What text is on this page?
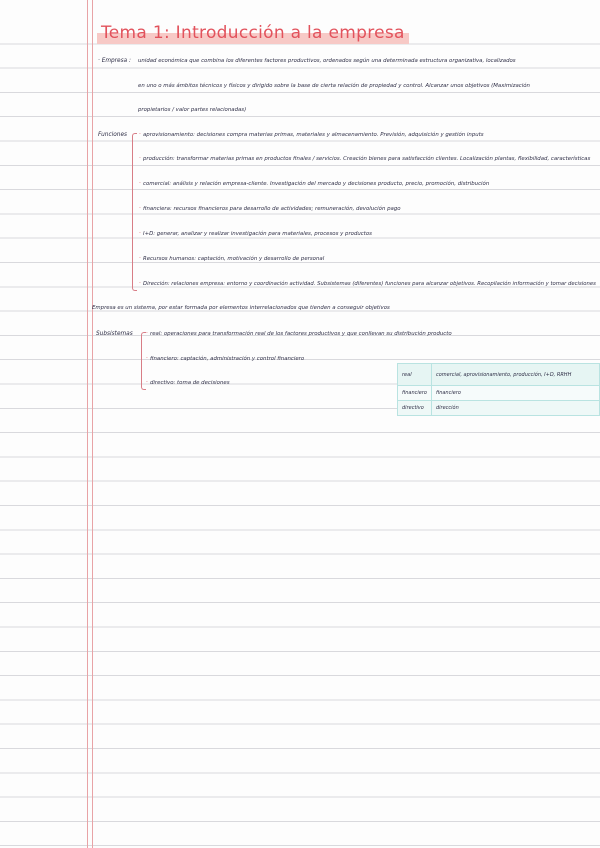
Tema 1: Introducción a la empresa
· Empresa : unidad económica que combina los diferentes factores productivos, ordenados según una determinada estructura organizativa, localizados
en uno o más ámbitos técnicos y físicos y dirigido sobre la base de cierta relación de propiedad y control. Alcanzar unos objetivos (Maximización
propietarios / valor partes relacionadas)
Funciones · aprovisionamiento: decisiones compra materias primas, materiales y almacenamiento. Previsión, adquisición y gestión inputs
· producción: transformar materias primas en productos finales / servicios. Creación bienes para satisfacción clientes. Localización plantas, flexibilidad, características
· comercial: análisis y relación empresa-cliente. Investigación del mercado y decisiones producto, precio, promoción, distribución
· financiera: recursos financieros para desarrollo de actividades; remuneración, devolución pago
· I+D: generar, analizar y realizar investigación para materiales, procesos y productos
· Recursos humanos: captación, motivación y desarrollo de personal
· Dirección: relaciones empresa: entorno y coordinación actividad. Subsistemas (diferentes) funciones para alcanzar objetivos. Recopilación información y tomar decisiones
Empresa es un sistema, por estar formada por elementos interrelacionados que tienden a conseguir objetivos
Subsistemas · real: operaciones para transformación real de los factores productivos y que conllevan su distribución producto
· financiero: captación, administración y control financiero
· directivo: toma de decisiones
real	comercial, aprovisionamiento, producción, I+D, RRHH
financiero	financiero
directivo	dirección
